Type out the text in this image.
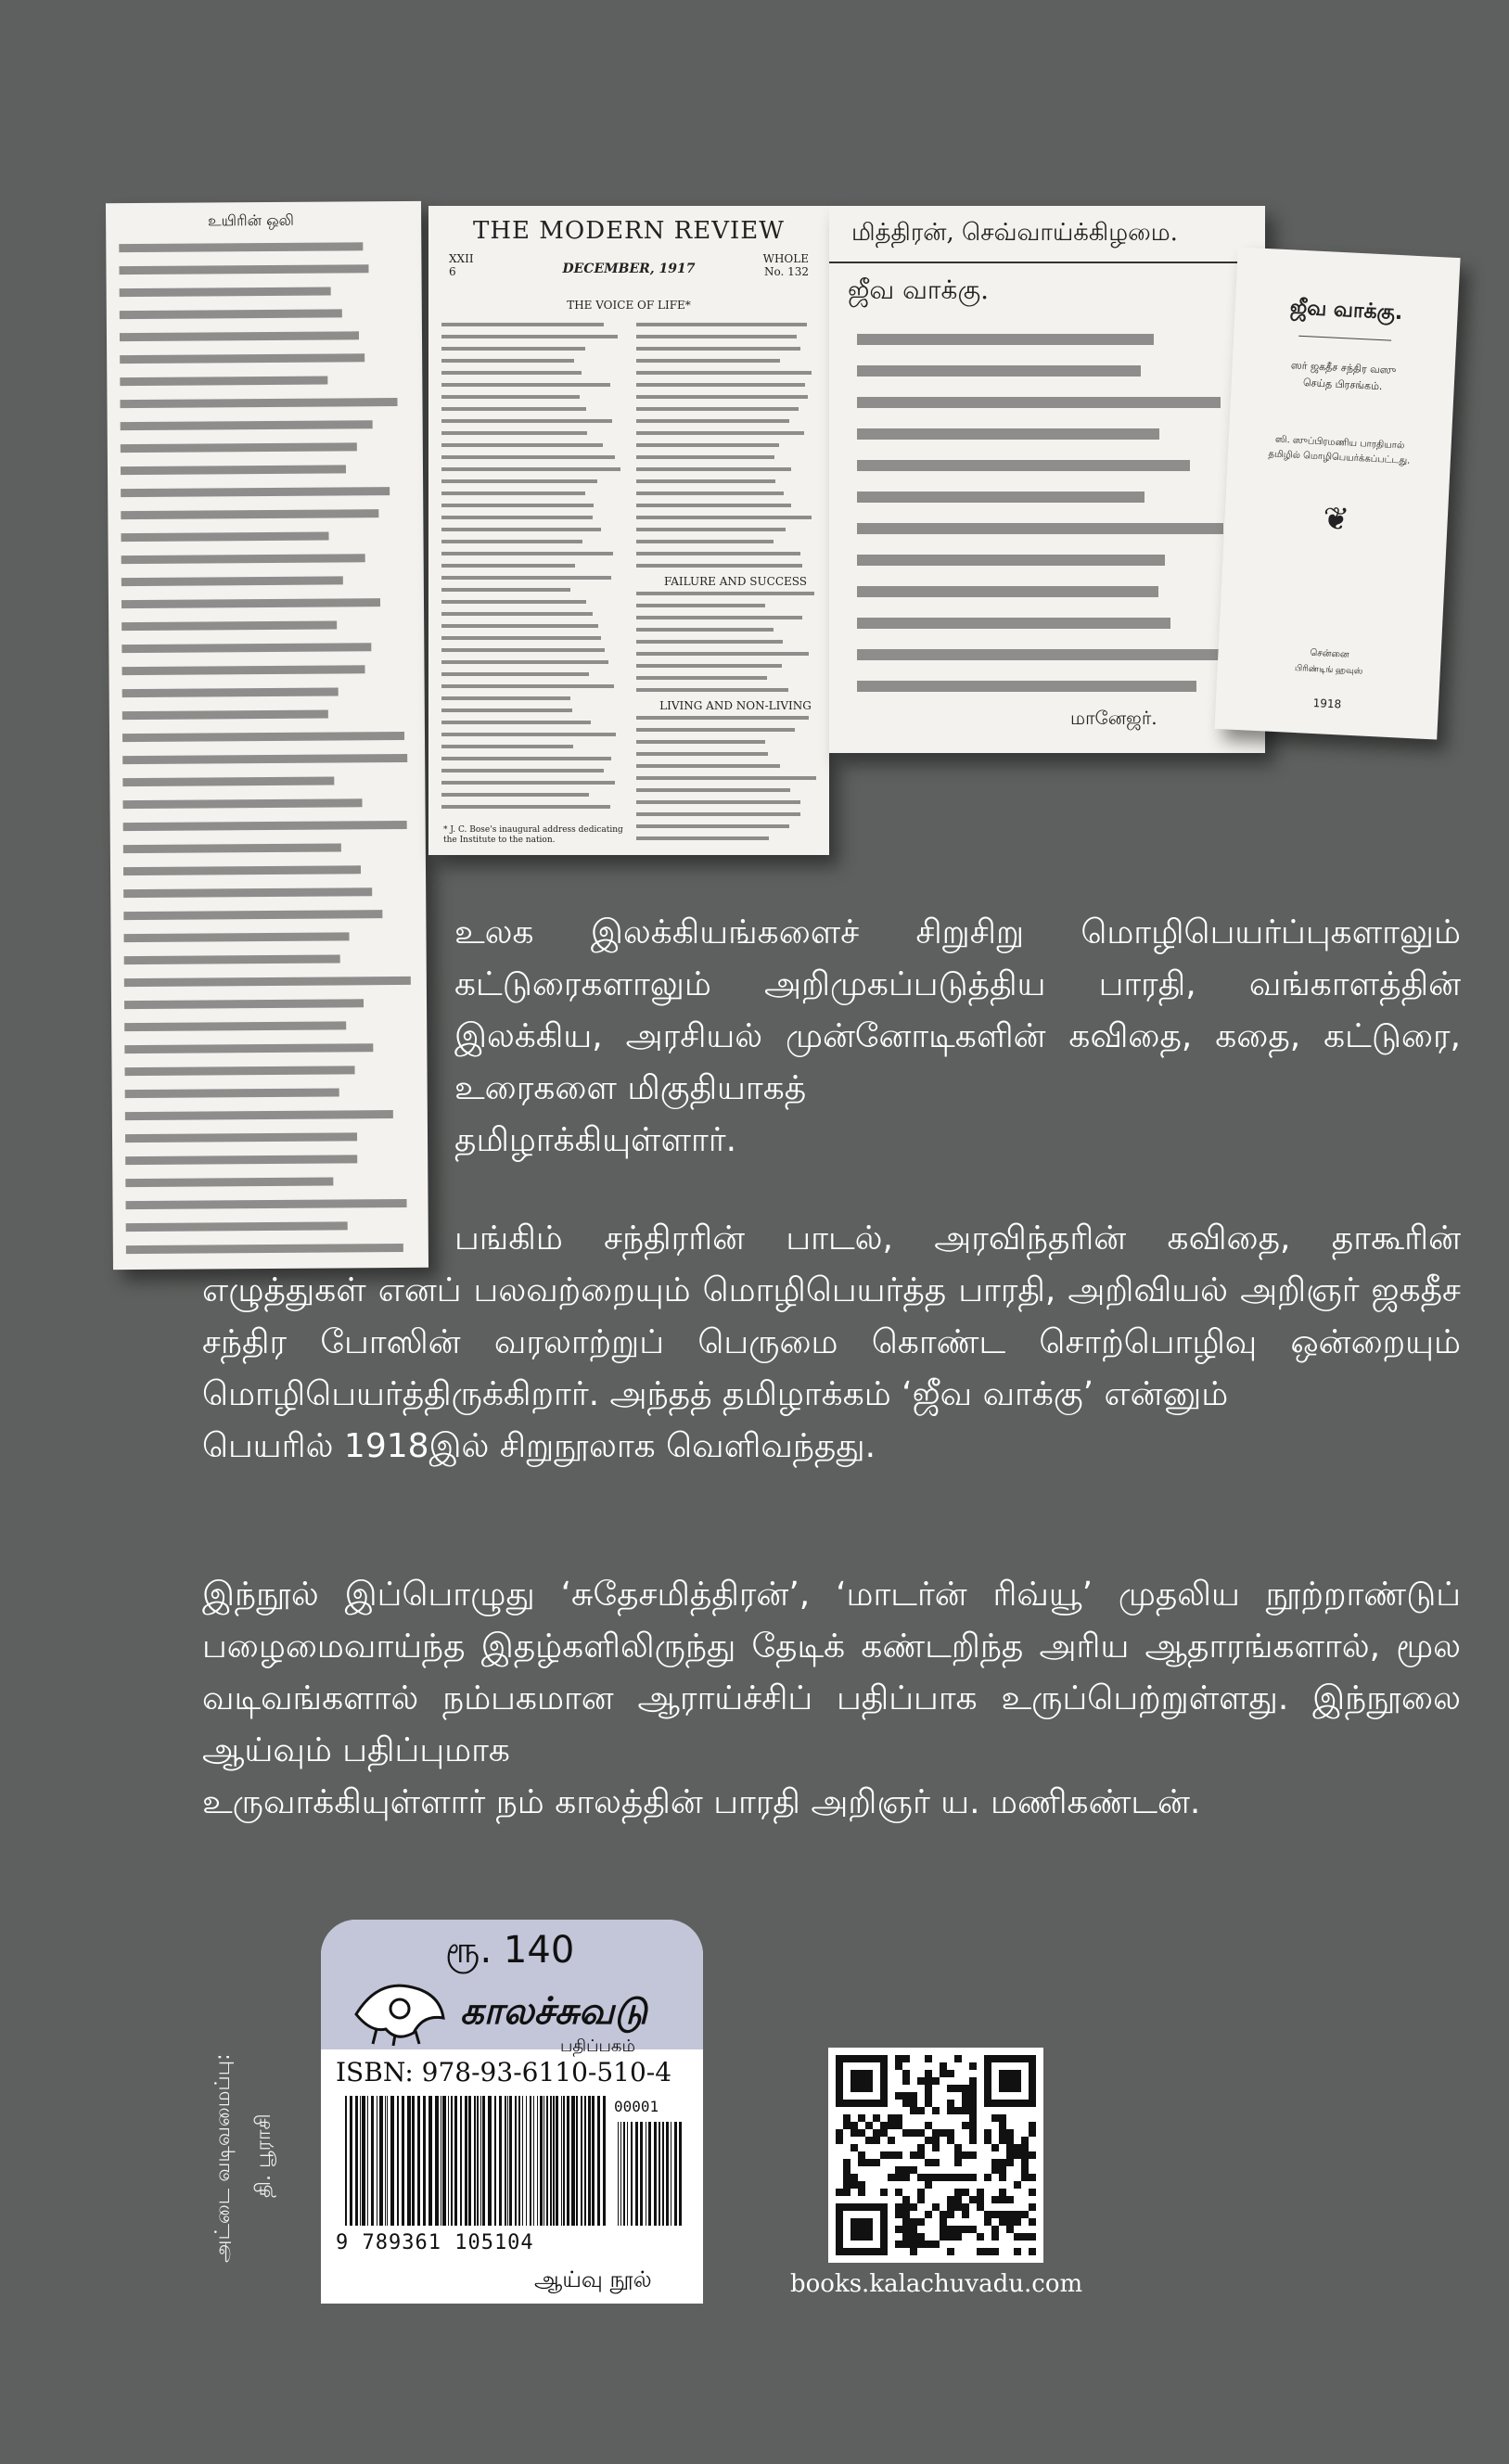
உயிரின் ஒலி	THE MODERN REVIEW
XXII
6
WHOLE
No. 132
DECEMBER, 1917
THE VOICE OF LIFE*
FAILURE AND SUCCESS
LIVING AND NON-LIVING
* J. C. Bose's inaugural address dedicating the Institute to the nation.
மித்திரன், செவ்வாய்க்கிழமை.
ஜீவ வாக்கு.
மானேஜர்.
ஜீவ வாக்கு.
ஸர் ஜகதீச சந்திர வஸு
செய்த பிரசங்கம்.
ஸி. ஸுப்பிரமணிய பாரதியால்
தமிழில் மொழிபெயர்க்கப்பட்டது.
❦
சென்னை
பிரிண்டிங் ஹவுஸ்
1918

உலக இலக்கியங்களைச் சிறுசிறு மொழிபெயர்ப்புகளாலும் கட்டுரைகளாலும் அறிமுகப்படுத்திய பாரதி, வங்காளத்தின் இலக்கிய, அரசியல் முன்னோடிகளின் கவிதை, கதை, கட்டுரை, உரைகளை மிகுதியாகத்
தமிழாக்கியுள்ளார்.

பங்கிம் சந்திரரின் பாடல், அரவிந்தரின் கவிதை, தாகூரின் எழுத்துகள் எனப் பலவற்றையும் மொழிபெயர்த்த பாரதி, அறிவியல் அறிஞர் ஜகதீச சந்திர போஸின் வரலாற்றுப் பெருமை கொண்ட சொற்பொழிவு ஒன்றையும் மொழிபெயர்த்திருக்கிறார். அந்தத் தமிழாக்கம் ‘ஜீவ வாக்கு’ என்னும்
பெயரில் 1918இல் சிறுநூலாக வெளிவந்தது.

இந்நூல் இப்பொழுது ‘சுதேசமித்திரன்’, ‘மாடர்ன் ரிவ்யூ’ முதலிய நூற்றாண்டுப் பழைமைவாய்ந்த இதழ்களிலிருந்து தேடிக் கண்டறிந்த அரிய ஆதாரங்களால், மூல வடிவங்களால் நம்பகமான ஆராய்ச்சிப் பதிப்பாக உருப்பெற்றுள்ளது. இந்நூலை ஆய்வும் பதிப்புமாக
உருவாக்கியுள்ளார் நம் காலத்தின் பாரதி அறிஞர் ய. மணிகண்டன்.

அட்டை வடிவமைப்பு: தி. பூராசி
ரூ. 140
காலச்சுவடு
பதிப்பகம்
ISBN: 978-93-6110-510-4
00001
9 789361 105104
ஆய்வு நூல்	books.kalachuvadu.com
